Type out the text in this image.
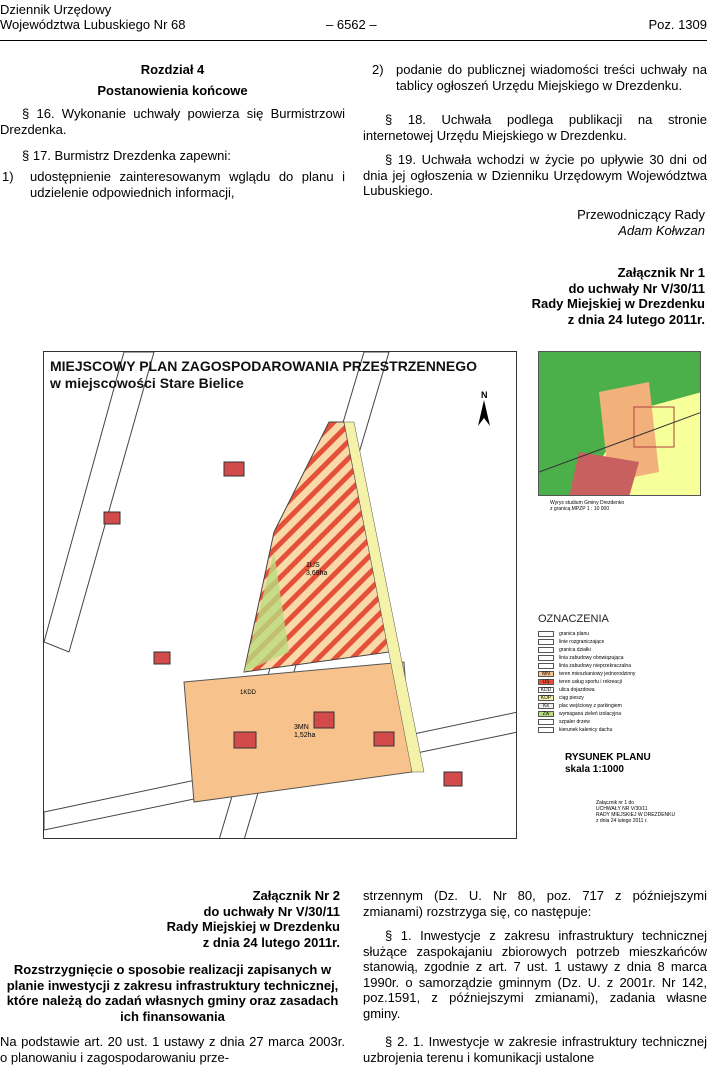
Dziennik Urzędowy
Województwa Lubuskiego Nr 68	– 6562 –	Poz. 1309
Rozdział 4
Postanowienia końcowe
§ 16. Wykonanie uchwały powierza się Burmistrzowi Drezdenka.
§ 17. Burmistrz Drezdenka zapewni:
1) udostępnienie zainteresowanym wglądu do planu i udzielenie odpowiednich informacji,
2) podanie do publicznej wiadomości treści uchwały na tablicy ogłoszeń Urzędu Miejskiego w Drezdenku.
§ 18. Uchwała podlega publikacji na stronie internetowej Urzędu Miejskiego w Drezdenku.
§ 19. Uchwała wchodzi w życie po upływie 30 dni od dnia jej ogłoszenia w Dzienniku Urzędowym Województwa Lubuskiego.
Przewodniczący Rady
Adam Kołwzan
Załącznik Nr 1
do uchwały Nr V/30/11
Rady Miejskiej w Drezdenku
z dnia 24 lutego 2011r.
N
MIEJSCOWY PLAN ZAGOSPODAROWANIA PRZESTRZENNEGO
w miejscowości Stare Bielice
1US
3,69ha
3MN
1,52ha
1KDD
Wyrys studium Gminy Drezdenko
z granicą MPZP 1 : 10 000
OZNACZENIA
granica planu
linie rozgraniczające
granica działki
linia zabudowy obowiązująca
linia zabudowy nieprzekraczalna
MN teren mieszkaniowy jednorodzinny
US teren usług sportu i rekreacji
KDD ulica dojazdowa
KDP ciąg pieszy
Ks plac wejściowy z parkingiem
Zw wymagana zieleń izolacyjna
szpaler drzew
kierunek kalenicy dachu
RYSUNEK PLANU
skala 1:1000
Załącznik nr 1 do
UCHWAŁY NR V/30/11
RADY MIEJSKIEJ W DREZDENKU
z dnia 24 lutego 2011 r.
Załącznik Nr 2
do uchwały Nr V/30/11
Rady Miejskiej w Drezdenku
z dnia 24 lutego 2011r.
Rozstrzygnięcie o sposobie realizacji zapisanych w planie inwestycji z zakresu infrastruktury technicznej, które należą do zadań własnych gminy oraz zasadach ich finansowania
Na podstawie art. 20 ust. 1 ustawy z dnia 27 marca 2003r. o planowaniu i zagospodarowaniu prze-
strzennym (Dz. U. Nr 80, poz. 717 z późniejszymi zmianami) rozstrzyga się, co następuje:
§ 1. Inwestycje z zakresu infrastruktury technicznej służące zaspokajaniu zbiorowych potrzeb mieszkańców stanowią, zgodnie z art. 7 ust. 1 ustawy z dnia 8 marca 1990r. o samorządzie gminnym (Dz. U. z 2001r. Nr 142, poz.1591, z późniejszymi zmianami), zadania własne gminy.
§ 2. 1. Inwestycje w zakresie infrastruktury technicznej uzbrojenia terenu i komunikacji ustalone
